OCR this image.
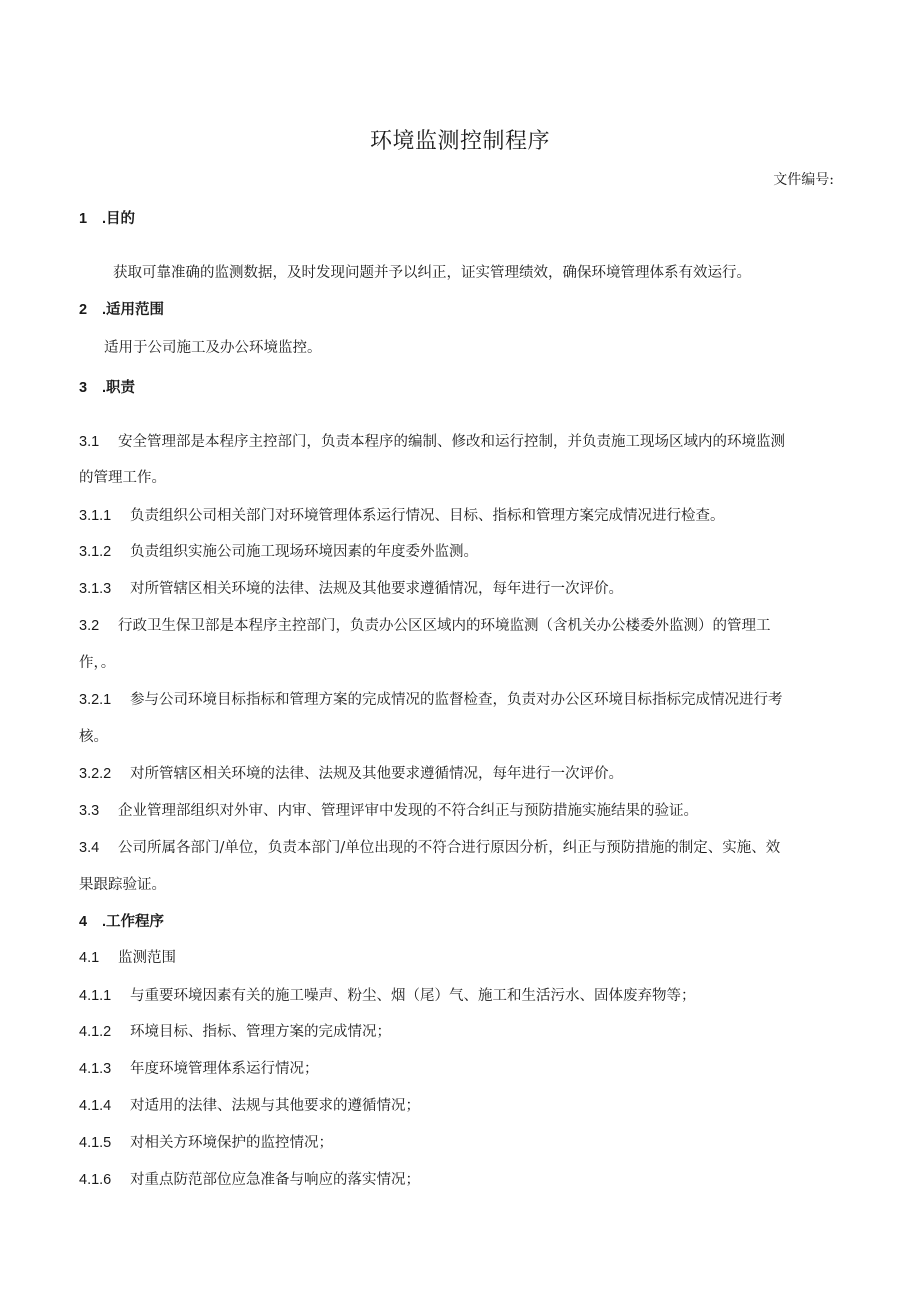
环境监测控制程序
文件编号:
1 .目的
获取可靠准确的监测数据，及时发现问题并予以纠正，证实管理绩效，确保环境管理体系有效运行。
2 .适用范围
适用于公司施工及办公环境监控。
3 .职责
3.1 安全管理部是本程序主控部门，负责本程序的编制、修改和运行控制，并负责施工现场区域内的环境监测
的管理工作。
3.1.1 负责组织公司相关部门对环境管理体系运行情况、目标、指标和管理方案完成情况进行检查。
3.1.2 负责组织实施公司施工现场环境因素的年度委外监测。
3.1.3 对所管辖区相关环境的法律、法规及其他要求遵循情况，每年进行一次评价。
3.2 行政卫生保卫部是本程序主控部门，负责办公区区域内的环境监测（含机关办公楼委外监测）的管理工
作，。
3.2.1 参与公司环境目标指标和管理方案的完成情况的监督检查，负责对办公区环境目标指标完成情况进行考
核。
3.2.2 对所管辖区相关环境的法律、法规及其他要求遵循情况，每年进行一次评价。
3.3 企业管理部组织对外审、内审、管理评审中发现的不符合纠正与预防措施实施结果的验证。
3.4 公司所属各部门/单位，负责本部门/单位出现的不符合进行原因分析，纠正与预防措施的制定、实施、效
果跟踪验证。
4 .工作程序
4.1 监测范围
4.1.1 与重要环境因素有关的施工噪声、粉尘、烟（尾）气、施工和生活污水、固体废弃物等；
4.1.2 环境目标、指标、管理方案的完成情况；
4.1.3 年度环境管理体系运行情况；
4.1.4 对适用的法律、法规与其他要求的遵循情况；
4.1.5 对相关方环境保护的监控情况；
4.1.6 对重点防范部位应急准备与响应的落实情况；
